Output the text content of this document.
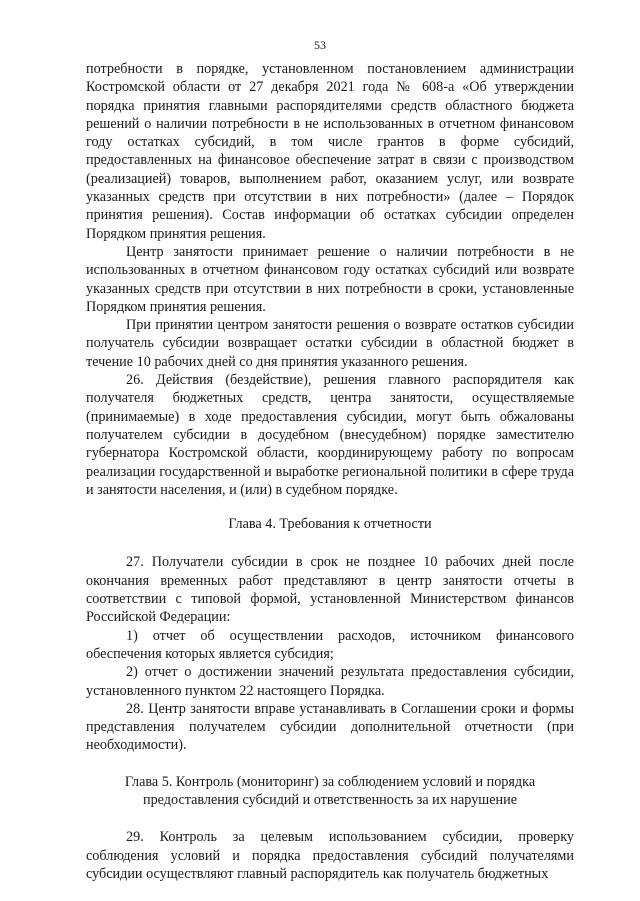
53

потребности в порядке, установленном постановлением администрации Костромской области от 27 декабря 2021 года № 608-а «Об утверждении порядка принятия главными распорядителями средств областного бюджета решений о наличии потребности в не использованных в отчетном финансовом году остатках субсидий, в том числе грантов в форме субсидий, предоставленных на финансовое обеспечение затрат в связи с производством (реализацией) товаров, выполнением работ, оказанием услуг, или возврате указанных средств при отсутствии в них потребности» (далее – Порядок принятия решения). Состав информации об остатках субсидии определен Порядком принятия решения.

Центр занятости принимает решение о наличии потребности в не использованных в отчетном финансовом году остатках субсидий или возврате указанных средств при отсутствии в них потребности в сроки, установленные Порядком принятия решения.

При принятии центром занятости решения о возврате остатков субсидии получатель субсидии возвращает остатки субсидии в областной бюджет в течение 10 рабочих дней со дня принятия указанного решения.

26. Действия (бездействие), решения главного распорядителя как получателя бюджетных средств, центра занятости, осуществляемые (принимаемые) в ходе предоставления субсидии, могут быть обжалованы получателем субсидии в досудебном (внесудебном) порядке заместителю губернатора Костромской области, координирующему работу по вопросам реализации государственной и выработке региональной политики в сфере труда и занятости населения, и (или) в судебном порядке.

Глава 4. Требования к отчетности

27. Получатели субсидии в срок не позднее 10 рабочих дней после окончания временных работ представляют в центр занятости отчеты в соответствии с типовой формой, установленной Министерством финансов Российской Федерации:

1) отчет об осуществлении расходов, источником финансового обеспечения которых является субсидия;

2) отчет о достижении значений результата предоставления субсидии, установленного пунктом 22 настоящего Порядка.

28. Центр занятости вправе устанавливать в Соглашении сроки и формы представления получателем субсидии дополнительной отчетности (при необходимости).

Глава 5. Контроль (мониторинг) за соблюдением условий и порядка
предоставления субсидий и ответственность за их нарушение

29. Контроль за целевым использованием субсидии, проверку соблюдения условий и порядка предоставления субсидий получателями субсидии осуществляют главный распорядитель как получатель бюджетных
